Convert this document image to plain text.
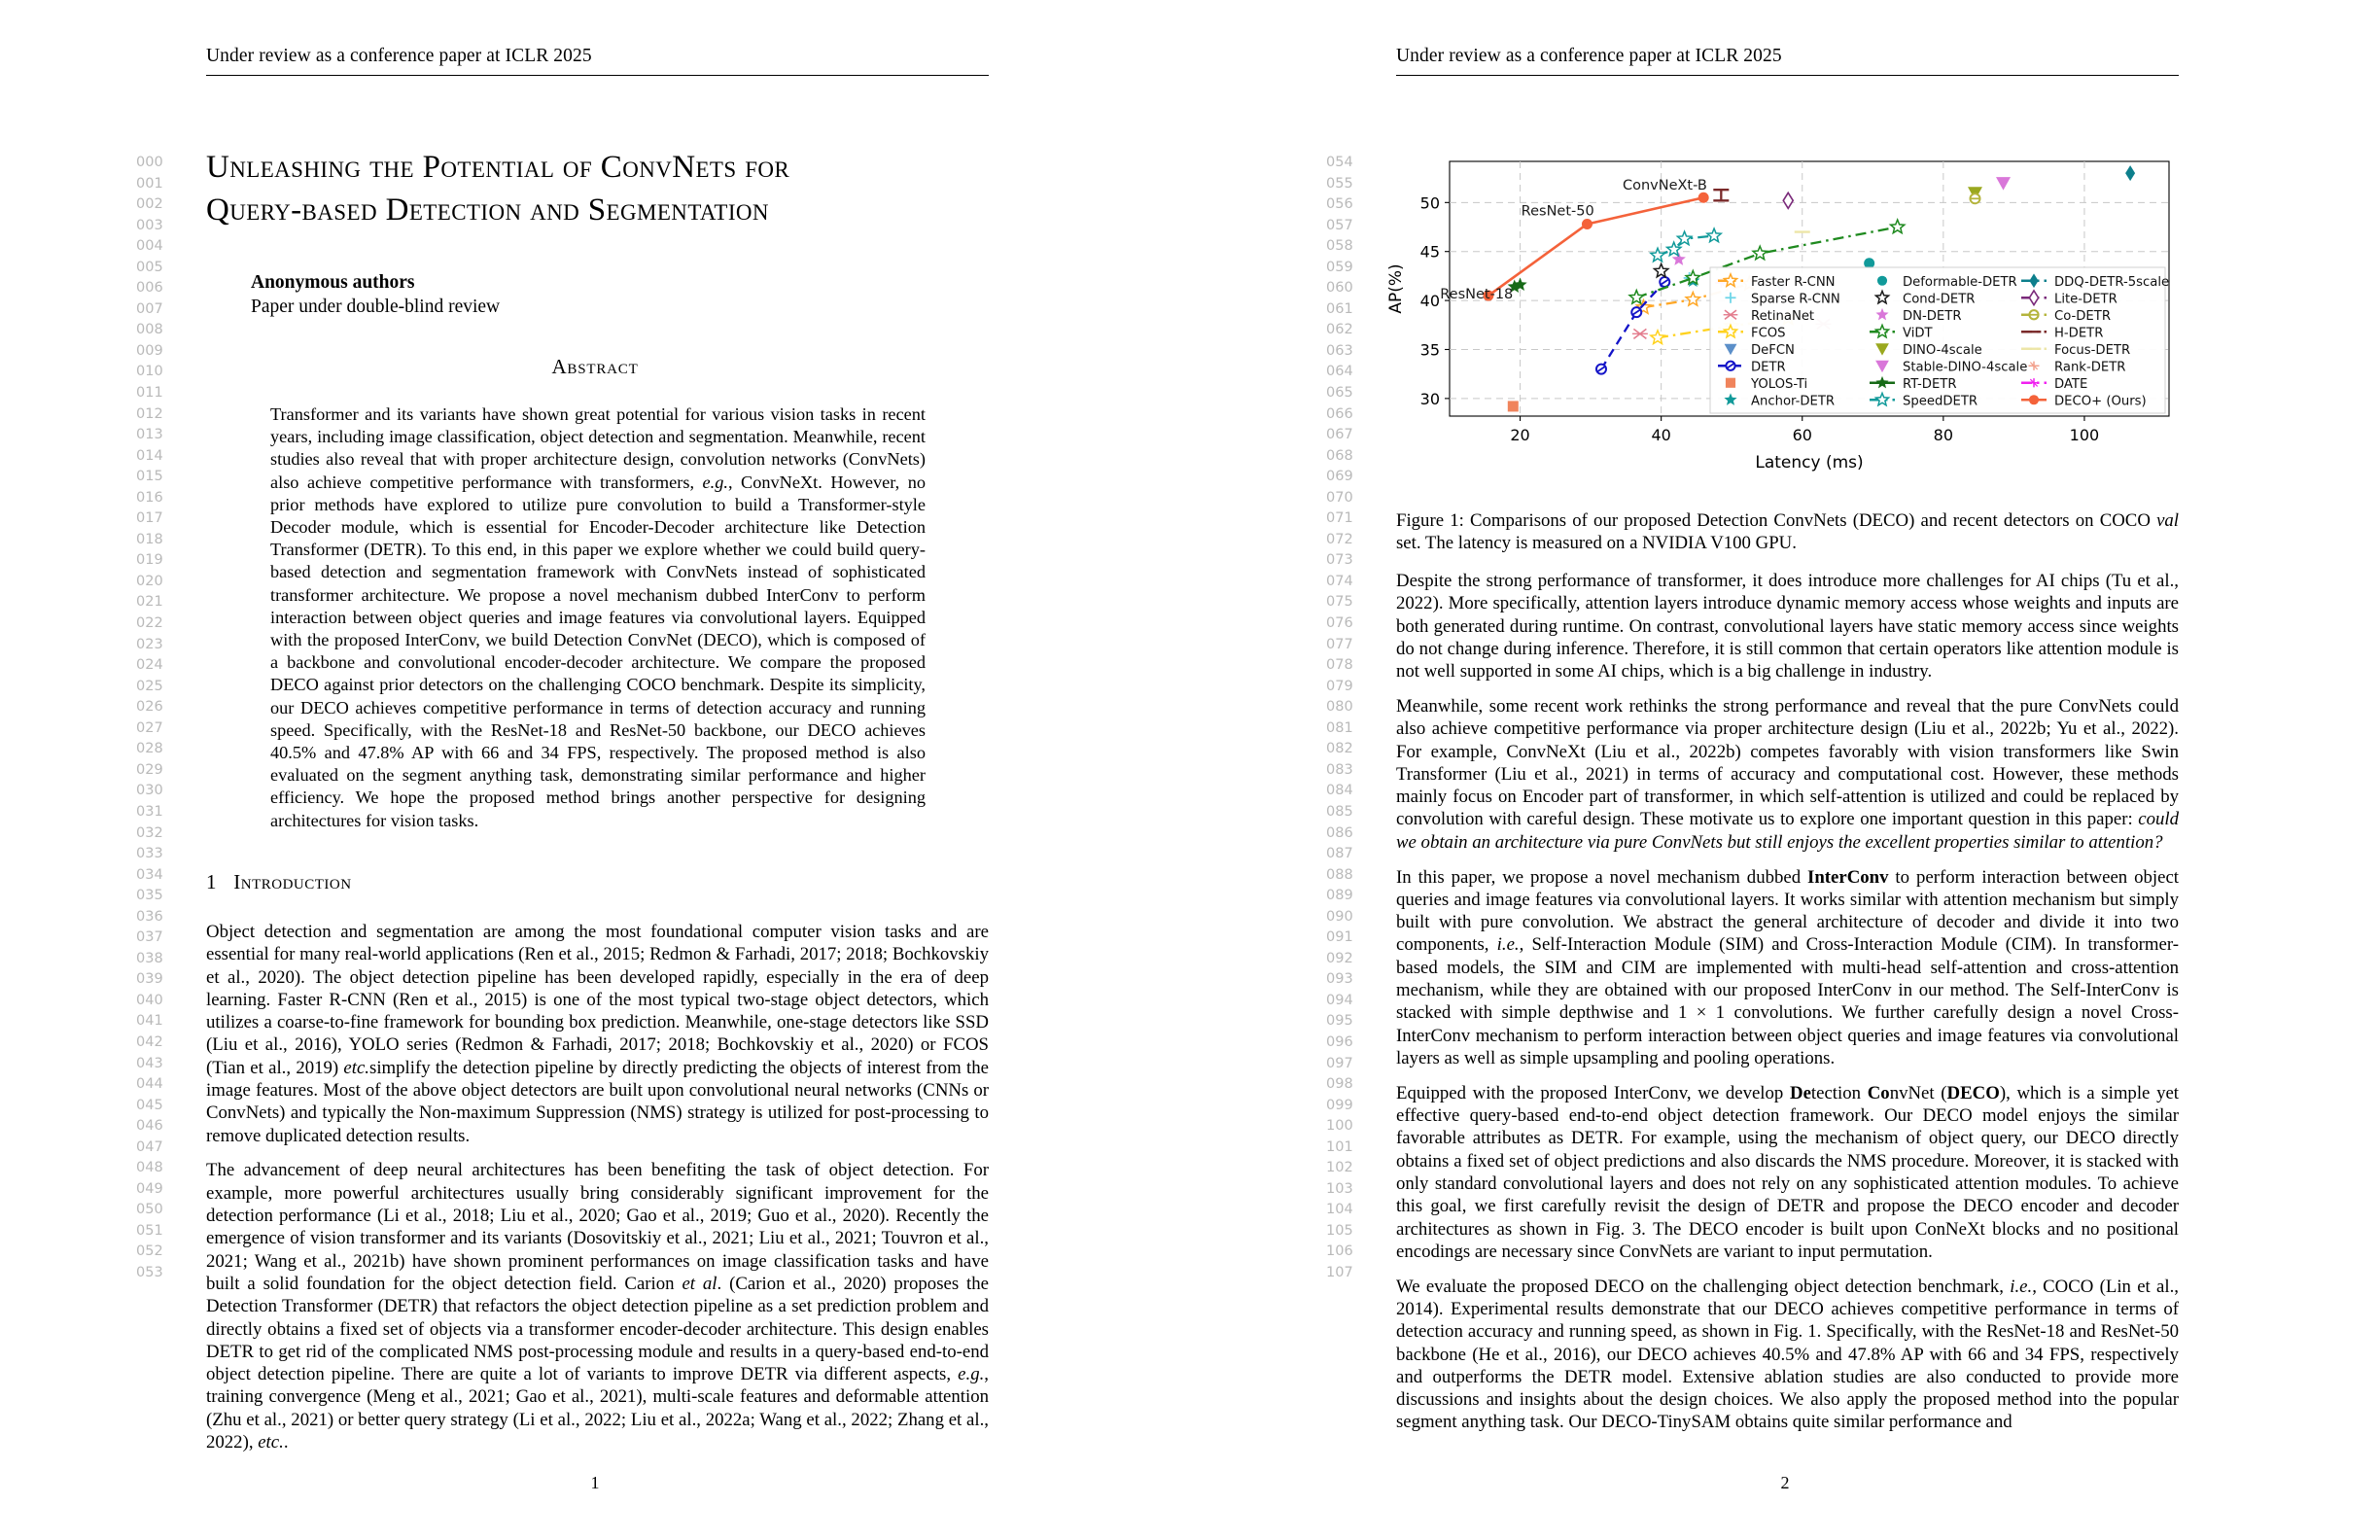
Under review as a conference paper at ICLR 2025
000
001
002
003
004
005
006
007
008
009
010
011
012
013
014
015
016
017
018
019
020
021
022
023
024
025
026
027
028
029
030
031
032
033
034
035
036
037
038
039
040
041
042
043
044
045
046
047
048
049
050
051
052
053
Unleashing the Potential of ConvNets for
Query-based Detection and Segmentation
Anonymous authors
Paper under double-blind review
Abstract
Transformer and its variants have shown great potential for various vision tasks in recent years, including image classification, object detection and segmentation. Meanwhile, recent studies also reveal that with proper architecture design, convolution networks (ConvNets) also achieve competitive performance with transformers, e.g., ConvNeXt. However, no prior methods have explored to utilize pure convolution to build a Transformer-style Decoder module, which is essential for Encoder-Decoder architecture like Detection Transformer (DETR). To this end, in this paper we explore whether we could build query-based detection and segmentation framework with ConvNets instead of sophisticated transformer architecture. We propose a novel mechanism dubbed InterConv to perform interaction between object queries and image features via convolutional layers. Equipped with the proposed InterConv, we build Detection ConvNet (DECO), which is composed of a backbone and convolutional encoder-decoder architecture. We compare the proposed DECO against prior detectors on the challenging COCO benchmark. Despite its simplicity, our DECO achieves competitive performance in terms of detection accuracy and running speed. Specifically, with the ResNet-18 and ResNet-50 backbone, our DECO achieves 40.5% and 47.8% AP with 66 and 34 FPS, respectively. The proposed method is also evaluated on the segment anything task, demonstrating similar performance and higher efficiency. We hope the proposed method brings another perspective for designing architectures for vision tasks.
1 Introduction

Object detection and segmentation are among the most foundational computer vision tasks and are essential for many real-world applications (Ren et al., 2015; Redmon & Farhadi, 2017; 2018; Bochkovskiy et al., 2020). The object detection pipeline has been developed rapidly, especially in the era of deep learning. Faster R-CNN (Ren et al., 2015) is one of the most typical two-stage object detectors, which utilizes a coarse-to-fine framework for bounding box prediction. Meanwhile, one-stage detectors like SSD (Liu et al., 2016), YOLO series (Redmon & Farhadi, 2017; 2018; Bochkovskiy et al., 2020) or FCOS (Tian et al., 2019) etc.simplify the detection pipeline by directly predicting the objects of interest from the image features. Most of the above object detectors are built upon convolutional neural networks (CNNs or ConvNets) and typically the Non-maximum Suppression (NMS) strategy is utilized for post-processing to remove duplicated detection results.

The advancement of deep neural architectures has been benefiting the task of object detection. For example, more powerful architectures usually bring considerably significant improvement for the detection performance (Li et al., 2018; Liu et al., 2020; Gao et al., 2019; Guo et al., 2020). Recently the emergence of vision transformer and its variants (Dosovitskiy et al., 2021; Liu et al., 2021; Touvron et al., 2021; Wang et al., 2021b) have shown prominent performances on image classification tasks and have built a solid foundation for the object detection field. Carion et al. (Carion et al., 2020) proposes the Detection Transformer (DETR) that refactors the object detection pipeline as a set prediction problem and directly obtains a fixed set of objects via a transformer encoder-decoder architecture. This design enables DETR to get rid of the complicated NMS post-processing module and results in a query-based end-to-end object detection pipeline. There are quite a lot of variants to improve DETR via different aspects, e.g., training convergence (Meng et al., 2021; Gao et al., 2021), multi-scale features and deformable attention (Zhu et al., 2021) or better query strategy (Li et al., 2022; Liu et al., 2022a; Wang et al., 2022; Zhang et al., 2022), etc..

1
Under review as a conference paper at ICLR 2025
054
055
056
057
058
059
060
061
062
063
064
065
066
067
068
069
070
071
072
073
074
075
076
077
078
079
080
081
082
083
084
085
086
087
088
089
090
091
092
093
094
095
096
097
098
099
100
101
102
103
104
105
106
107
30
35
40
45
50
20	40	60	80	100
Latency (ms)
AP(%)
ConvNeXt-B
ResNet-50
ResNet-18
Faster R-CNN
Sparse R-CNN
RetinaNet
FCOS
DeFCN
DETR
YOLOS-Ti
Anchor-DETR
Deformable-DETR
Cond-DETR
DN-DETR
ViDT
DINO-4scale
Stable-DINO-4scale
RT-DETR
SpeedDETR
DDQ-DETR-5scale
Lite-DETR
Co-DETR
H-DETR
Focus-DETR
Rank-DETR
DATE
DECO+ (Ours)
Figure 1: Comparisons of our proposed Detection ConvNets (DECO) and recent detectors on COCO val set. The latency is measured on a NVIDIA V100 GPU.

Despite the strong performance of transformer, it does introduce more challenges for AI chips (Tu et al., 2022). More specifically, attention layers introduce dynamic memory access whose weights and inputs are both generated during runtime. On contrast, convolutional layers have static memory access since weights do not change during inference. Therefore, it is still common that certain operators like attention module is not well supported in some AI chips, which is a big challenge in industry.

Meanwhile, some recent work rethinks the strong performance and reveal that the pure ConvNets could also achieve competitive performance via proper architecture design (Liu et al., 2022b; Yu et al., 2022). For example, ConvNeXt (Liu et al., 2022b) competes favorably with vision transformers like Swin Transformer (Liu et al., 2021) in terms of accuracy and computational cost. However, these methods mainly focus on Encoder part of transformer, in which self-attention is utilized and could be replaced by convolution with careful design. These motivate us to explore one important question in this paper: could we obtain an architecture via pure ConvNets but still enjoys the excellent properties similar to attention?

In this paper, we propose a novel mechanism dubbed InterConv to perform interaction between object queries and image features via convolutional layers. It works similar with attention mechanism but simply built with pure convolution. We abstract the general architecture of decoder and divide it into two components, i.e., Self-Interaction Module (SIM) and Cross-Interaction Module (CIM). In transformer-based models, the SIM and CIM are implemented with multi-head self-attention and cross-attention mechanism, while they are obtained with our proposed InterConv in our method. The Self-InterConv is stacked with simple depthwise and 1 × 1 convolutions. We further carefully design a novel Cross-InterConv mechanism to perform interaction between object queries and image features via convolutional layers as well as simple upsampling and pooling operations.

Equipped with the proposed InterConv, we develop Detection ConvNet (DECO), which is a simple yet effective query-based end-to-end object detection framework. Our DECO model enjoys the similar favorable attributes as DETR. For example, using the mechanism of object query, our DECO directly obtains a fixed set of object predictions and also discards the NMS procedure. Moreover, it is stacked with only standard convolutional layers and does not rely on any sophisticated attention modules. To achieve this goal, we first carefully revisit the design of DETR and propose the DECO encoder and decoder architectures as shown in Fig. 3. The DECO encoder is built upon ConNeXt blocks and no positional encodings are necessary since ConvNets are variant to input permutation.

We evaluate the proposed DECO on the challenging object detection benchmark, i.e., COCO (Lin et al., 2014). Experimental results demonstrate that our DECO achieves competitive performance in terms of detection accuracy and running speed, as shown in Fig. 1. Specifically, with the ResNet-18 and ResNet-50 backbone (He et al., 2016), our DECO achieves 40.5% and 47.8% AP with 66 and 34 FPS, respectively and outperforms the DETR model. Extensive ablation studies are also conducted to provide more discussions and insights about the design choices. We also apply the proposed method into the popular segment anything task. Our DECO-TinySAM obtains quite similar performance and

2
